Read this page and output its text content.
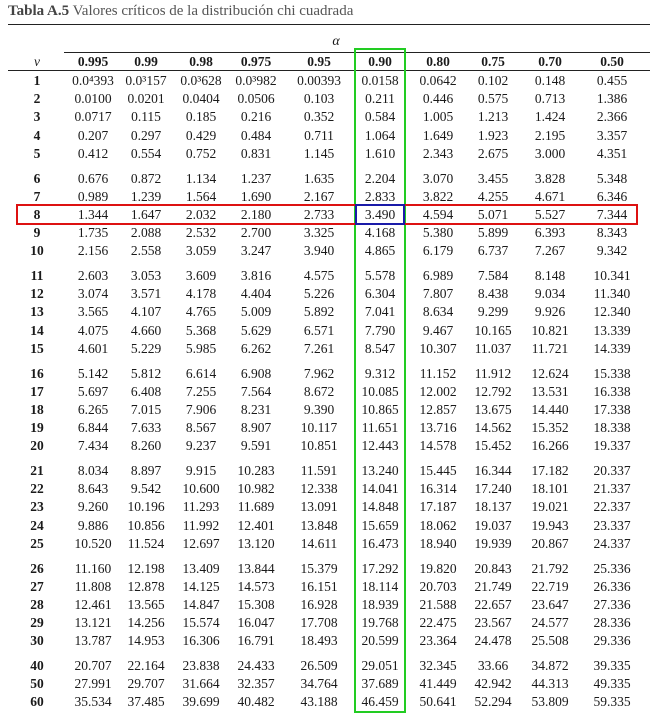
Tabla A.5 Valores críticos de la distribución chi cuadrada
α
v	0.995	0.99	0.98	0.975	0.95	0.90	0.80	0.75	0.70	0.50
1	0.0⁴393 0.0³157	0.0³628	0.0³982	0.00393	0.0158	0.0642	0.102	0.148	0.455
2	0.0100	0.0201	0.0404	0.0506	0.103	0.211	0.446	0.575	0.713	1.386
3	0.0717	0.115	0.185	0.216	0.352	0.584	1.005	1.213	1.424	2.366
4	0.207	0.297	0.429	0.484	0.711	1.064	1.649	1.923	2.195	3.357
5	0.412	0.554	0.752	0.831	1.145	1.610	2.343	2.675	3.000	4.351
6	0.676	0.872	1.134	1.237	1.635	2.204	3.070	3.455	3.828	5.348
7	0.989	1.239	1.564	1.690	2.167	2.833	3.822	4.255	4.671	6.346
8	1.344	1.647	2.032	2.180	2.733	3.490	4.594	5.071	5.527	7.344
9	1.735	2.088	2.532	2.700	3.325	4.168	5.380	5.899	6.393	8.343
10	2.156	2.558	3.059	3.247	3.940	4.865	6.179	6.737	7.267	9.342
11	2.603	3.053	3.609	3.816	4.575	5.578	6.989	7.584	8.148	10.341
12	3.074	3.571	4.178	4.404	5.226	6.304	7.807	8.438	9.034	11.340
13	3.565	4.107	4.765	5.009	5.892	7.041	8.634	9.299	9.926	12.340
14	4.075	4.660	5.368	5.629	6.571	7.790	9.467	10.165	10.821	13.339
15	4.601	5.229	5.985	6.262	7.261	8.547	10.307	11.037	11.721	14.339
16	5.142	5.812	6.614	6.908	7.962	9.312	11.152	11.912	12.624	15.338
17	5.697	6.408	7.255	7.564	8.672	10.085	12.002	12.792	13.531	16.338
18	6.265	7.015	7.906	8.231	9.390	10.865	12.857	13.675	14.440	17.338
19	6.844	7.633	8.567	8.907	10.117	11.651	13.716	14.562	15.352	18.338
20	7.434	8.260	9.237	9.591	10.851	12.443	14.578	15.452	16.266	19.337
21	8.034	8.897	9.915	10.283	11.591	13.240	15.445	16.344	17.182	20.337
22	8.643	9.542	10.600	10.982	12.338	14.041	16.314	17.240	18.101	21.337
23	9.260	10.196	11.293	11.689	13.091	14.848	17.187	18.137	19.021	22.337
24	9.886	10.856	11.992	12.401	13.848	15.659	18.062	19.037	19.943	23.337
25	10.520	11.524	12.697	13.120	14.611	16.473	18.940	19.939	20.867	24.337
26	11.160	12.198	13.409	13.844	15.379	17.292	19.820	20.843	21.792	25.336
27	11.808	12.878	14.125	14.573	16.151	18.114	20.703	21.749	22.719	26.336
28	12.461	13.565	14.847	15.308	16.928	18.939	21.588	22.657	23.647	27.336
29	13.121	14.256	15.574	16.047	17.708	19.768	22.475	23.567	24.577	28.336
30	13.787	14.953	16.306	16.791	18.493	20.599	23.364	24.478	25.508	29.336
40	20.707	22.164	23.838	24.433	26.509	29.051	32.345	33.66	34.872	39.335
50	27.991	29.707	31.664	32.357	34.764	37.689	41.449	42.942	44.313	49.335
60	35.534	37.485	39.699	40.482	43.188	46.459	50.641	52.294	53.809	59.335
